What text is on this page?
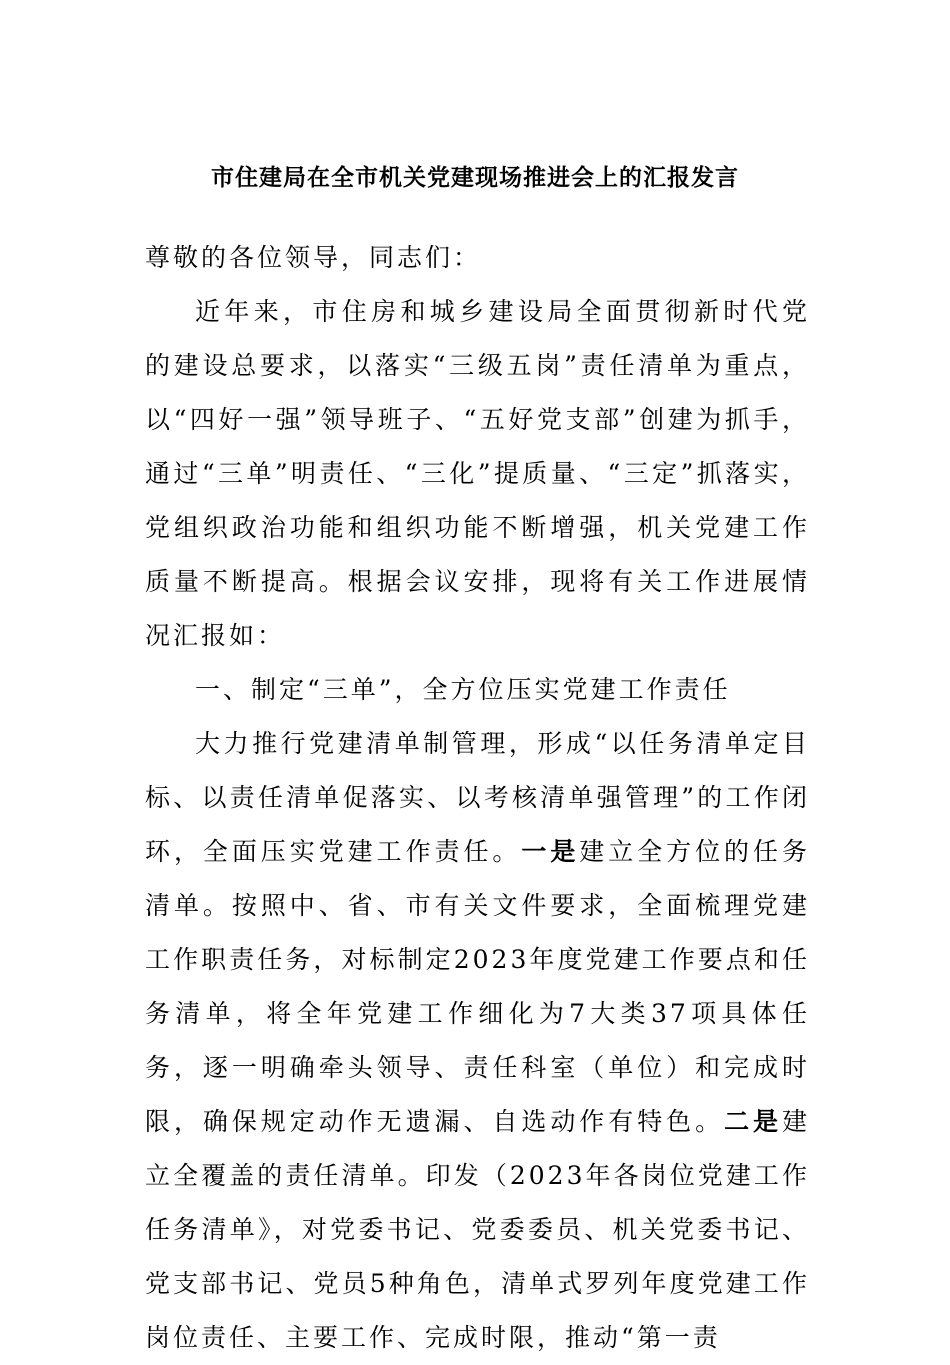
市住建局在全市机关党建现场推进会上的汇报发言

尊敬的各位领导，同志们：

近年来，市住房和城乡建设局全面贯彻新时代党的建设总要求，以落实“三级五岗”责任清单为重点，以“四好一强”领导班子、“五好党支部”创建为抓手，通过“三单”明责任、“三化”提质量、“三定”抓落实，党组织政治功能和组织功能不断增强，机关党建工作质量不断提高。根据会议安排，现将有关工作进展情况汇报如：

一、制定“三单”，全方位压实党建工作责任

大力推行党建清单制管理，形成“以任务清单定目标、以责任清单促落实、以考核清单强管理”的工作闭环，全面压实党建工作责任。一是建立全方位的任务清单。按照中、省、市有关文件要求，全面梳理党建工作职责任务，对标制定2023年度党建工作要点和任务清单，将全年党建工作细化为7大类37项具体任务，逐一明确牵头领导、责任科室（单位）和完成时限，确保规定动作无遗漏、自选动作有特色。二是建立全覆盖的责任清单。印发（2023年各岗位党建工作任务清单》，对党委书记、党委委员、机关党委书记、党支部书记、党员5种角色，清单式罗列年度党建工作岗位责任、主要工作、完成时限，推动“第一责
